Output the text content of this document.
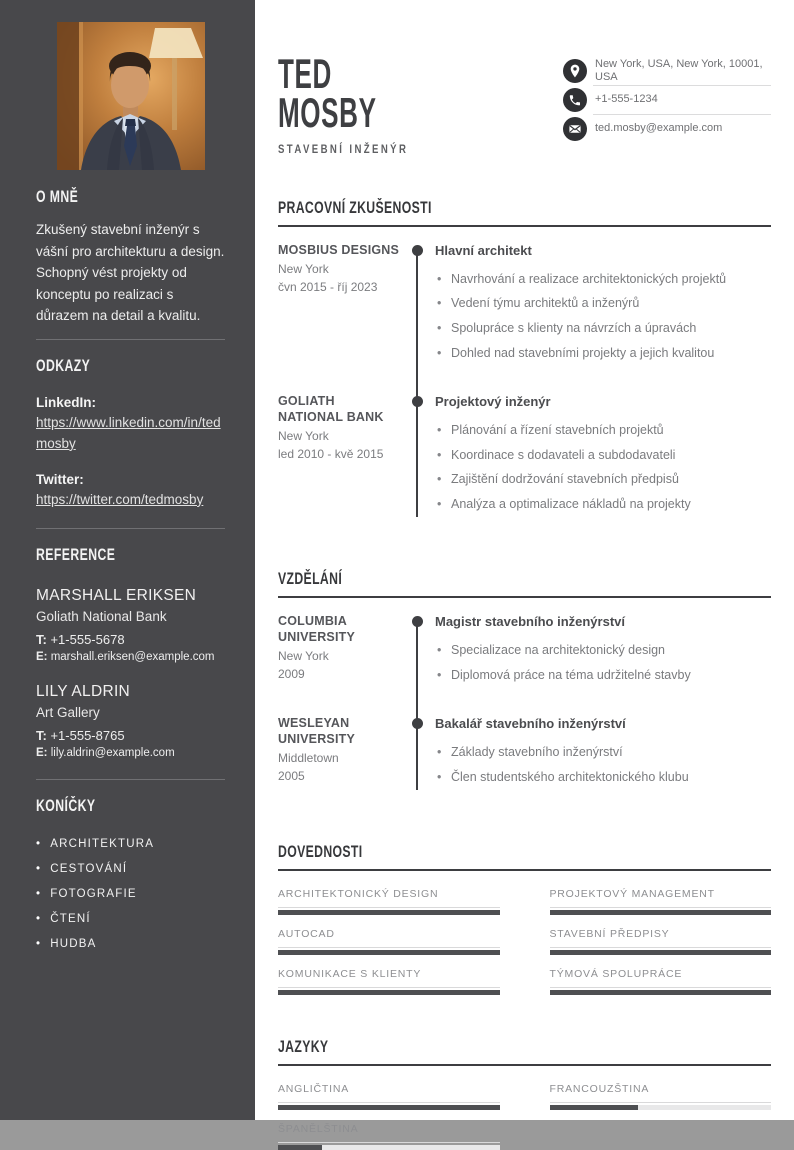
O MNĚ

Zkušený stavební inženýr s vášní pro architekturu a design. Schopný vést projekty od konceptu po realizaci s důrazem na detail a kvalitu.

ODKAZY
LinkedIn:
https://www.linkedin.com/in/tedmosby
Twitter:
https://twitter.com/tedmosby
REFERENCE
MARSHALL ERIKSEN
Goliath National Bank
T: +1-555-5678
E: marshall.eriksen@example.com
LILY ALDRIN
Art Gallery
T: +1-555-8765
E: lily.aldrin@example.com
KONÍČKY
• ARCHITEKTURA
• CESTOVÁNÍ
• FOTOGRAFIE
• ČTENÍ
• HUDBA
TED
MOSBY
STAVEBNÍ INŽENÝR
New York, USA, New York, 10001, USA
+1-555-1234
ted.mosby@example.com
PRACOVNÍ ZKUŠENOSTI
MOSBIUS DESIGNS
New York
čvn 2015 - říj 2023
Hlavní architekt
• Navrhování a realizace architektonických projektů
• Vedení týmu architektů a inženýrů
• Spolupráce s klienty na návrzích a úpravách
• Dohled nad stavebními projekty a jejich kvalitou
GOLIATH NATIONAL BANK
New York
led 2010 - kvě 2015
Projektový inženýr
• Plánování a řízení stavebních projektů
• Koordinace s dodavateli a subdodavateli
• Zajištění dodržování stavebních předpisů
• Analýza a optimalizace nákladů na projekty
VZDĚLÁNÍ
COLUMBIA UNIVERSITY
New York
2009
Magistr stavebního inženýrství
• Specializace na architektonický design
• Diplomová práce na téma udržitelné stavby
WESLEYAN UNIVERSITY
Middletown
2005
Bakalář stavebního inženýrství
• Základy stavebního inženýrství
• Člen studentského architektonického klubu
DOVEDNOSTI
ARCHITEKTONICKÝ DESIGN	PROJEKTOVÝ MANAGEMENT
AUTOCAD	STAVEBNÍ PŘEDPISY
KOMUNIKACE S KLIENTY	TÝMOVÁ SPOLUPRÁCE
JAZYKY
ANGLIČTINA	FRANCOUZŠTINA
ŠPANĚLŠTINA
